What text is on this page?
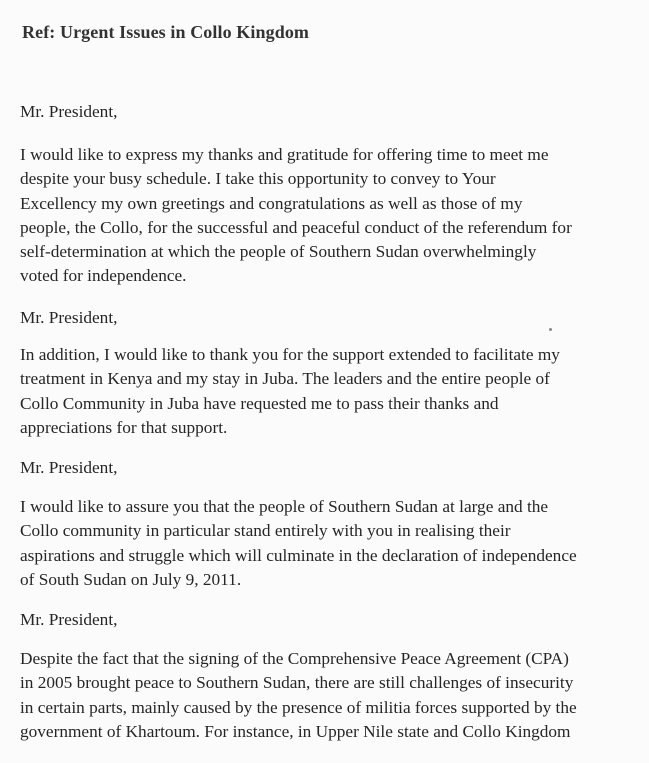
Ref: Urgent Issues in Collo Kingdom
Mr. President,
I would like to express my thanks and gratitude for offering time to meet me
despite your busy schedule. I take this opportunity to convey to Your
Excellency my own greetings and congratulations as well as those of my
people, the Collo, for the successful and peaceful conduct of the referendum for
self-determination at which the people of Southern Sudan overwhelmingly
voted for independence.
Mr. President,
In addition, I would like to thank you for the support extended to facilitate my
treatment in Kenya and my stay in Juba. The leaders and the entire people of
Collo Community in Juba have requested me to pass their thanks and
appreciations for that support.
Mr. President,
I would like to assure you that the people of Southern Sudan at large and the
Collo community in particular stand entirely with you in realising their
aspirations and struggle which will culminate in the declaration of independence
of South Sudan on July 9, 2011.
Mr. President,
Despite the fact that the signing of the Comprehensive Peace Agreement (CPA)
in 2005 brought peace to Southern Sudan, there are still challenges of insecurity
in certain parts, mainly caused by the presence of militia forces supported by the
government of Khartoum. For instance, in Upper Nile state and Collo Kingdom
